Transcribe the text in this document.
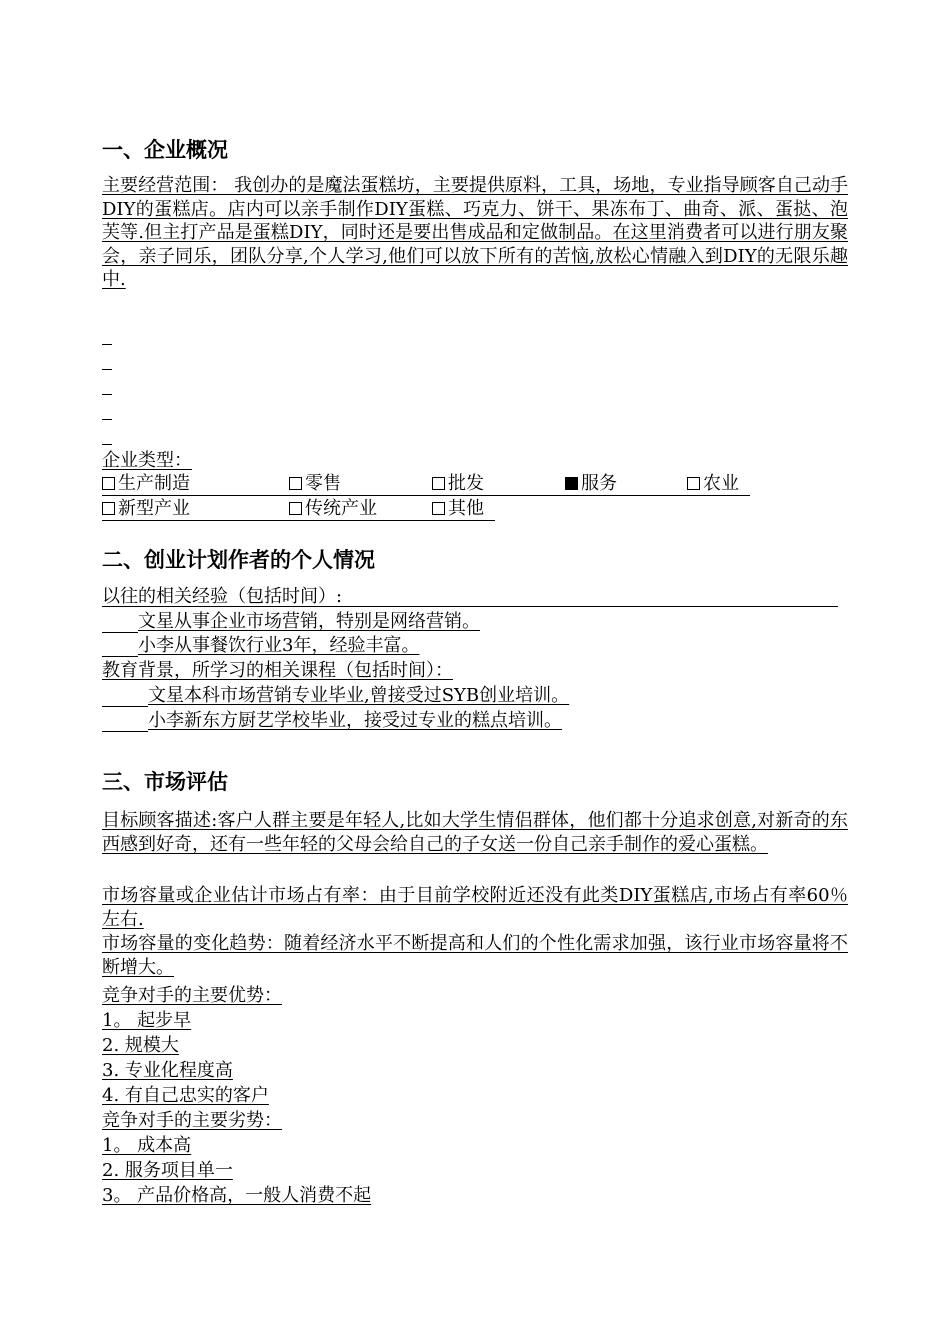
一、企业概况
主要经营范围： 我创办的是魔法蛋糕坊，主要提供原料，工具，场地，专业指导顾客自己动手DIY的蛋糕店。店内可以亲手制作DIY蛋糕、巧克力、饼干、果冻布丁、曲奇、派、蛋挞、泡芙等.但主打产品是蛋糕DIY，同时还是要出售成品和定做制品。在这里消费者可以进行朋友聚会，亲子同乐，团队分享,个人学习,他们可以放下所有的苦恼,放松心情融入到DIY的无限乐趣中.
企业类型：
生产制造	零售	批发	服务	农业
新型产业	传统产业	其他
二、创业计划作者的个人情况
以往的相关经验（包括时间）:
文星从事企业市场营销，特别是网络营销。
小李从事餐饮行业3年，经验丰富。
教育背景，所学习的相关课程（包括时间）：
文星本科市场营销专业毕业,曾接受过SYB创业培训。
小李新东方厨艺学校毕业，接受过专业的糕点培训。
三、市场评估
目标顾客描述:客户人群主要是年轻人,比如大学生情侣群体，他们都十分追求创意,对新奇的东西感到好奇，还有一些年轻的父母会给自己的子女送一份自己亲手制作的爱心蛋糕。
市场容量或企业估计市场占有率：由于目前学校附近还没有此类DIY蛋糕店,市场占有率60％左右.
市场容量的变化趋势：随着经济水平不断提高和人们的个性化需求加强，该行业市场容量将不断增大。
竞争对手的主要优势：
1。 起步早
2. 规模大
3. 专业化程度高
4. 有自己忠实的客户
竞争对手的主要劣势：
1。 成本高
2. 服务项目单一
3。 产品价格高，一般人消费不起
